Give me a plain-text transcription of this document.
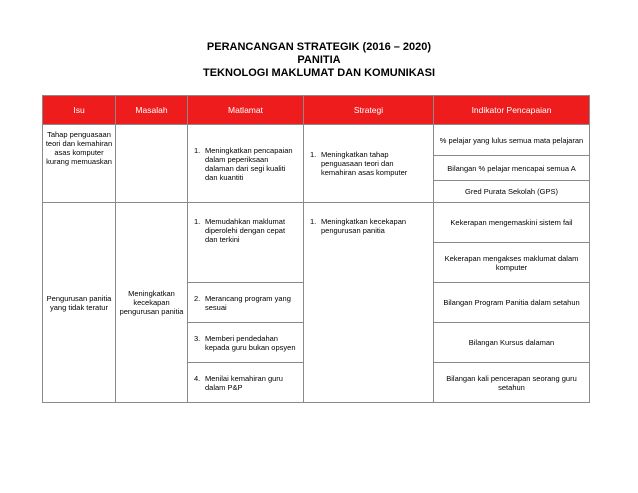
PERANCANGAN STRATEGIK (2016 – 2020)
PANITIA
TEKNOLOGI MAKLUMAT DAN KOMUNIKASI
Isu	Masalah	Matlamat	Strategi	Indikator Pencapaian
Tahap penguasaan teori dan kemahiran asas komputer kurang memuaskan		1. Meningkatkan pencapaian dalam peperiksaan dalaman dari segi kualiti dan kuantiti	1. Meningkatkan tahap penguasaan teori dan kemahiran asas komputer	% pelajar yang lulus semua mata pelajaran
				Bilangan % pelajar mencapai semua A
				Gred Purata Sekolah (GPS)
Pengurusan panitia yang tidak teratur	Meningkatkan kecekapan pengurusan panitia	1. Memudahkan maklumat diperolehi dengan cepat dan terkini	1. Meningkatkan kecekapan pengurusan panitia	Kekerapan mengemaskini sistem fail
				Kekerapan mengakses maklumat dalam komputer

		2. Merancang program yang sesuai		Bilangan Program Panitia dalam setahun

		3. Memberi pendedahan kepada guru bukan opsyen		Bilangan Kursus dalaman

		4. Menilai kemahiran guru dalam P&P		Bilangan kali pencerapan seorang guru setahun
